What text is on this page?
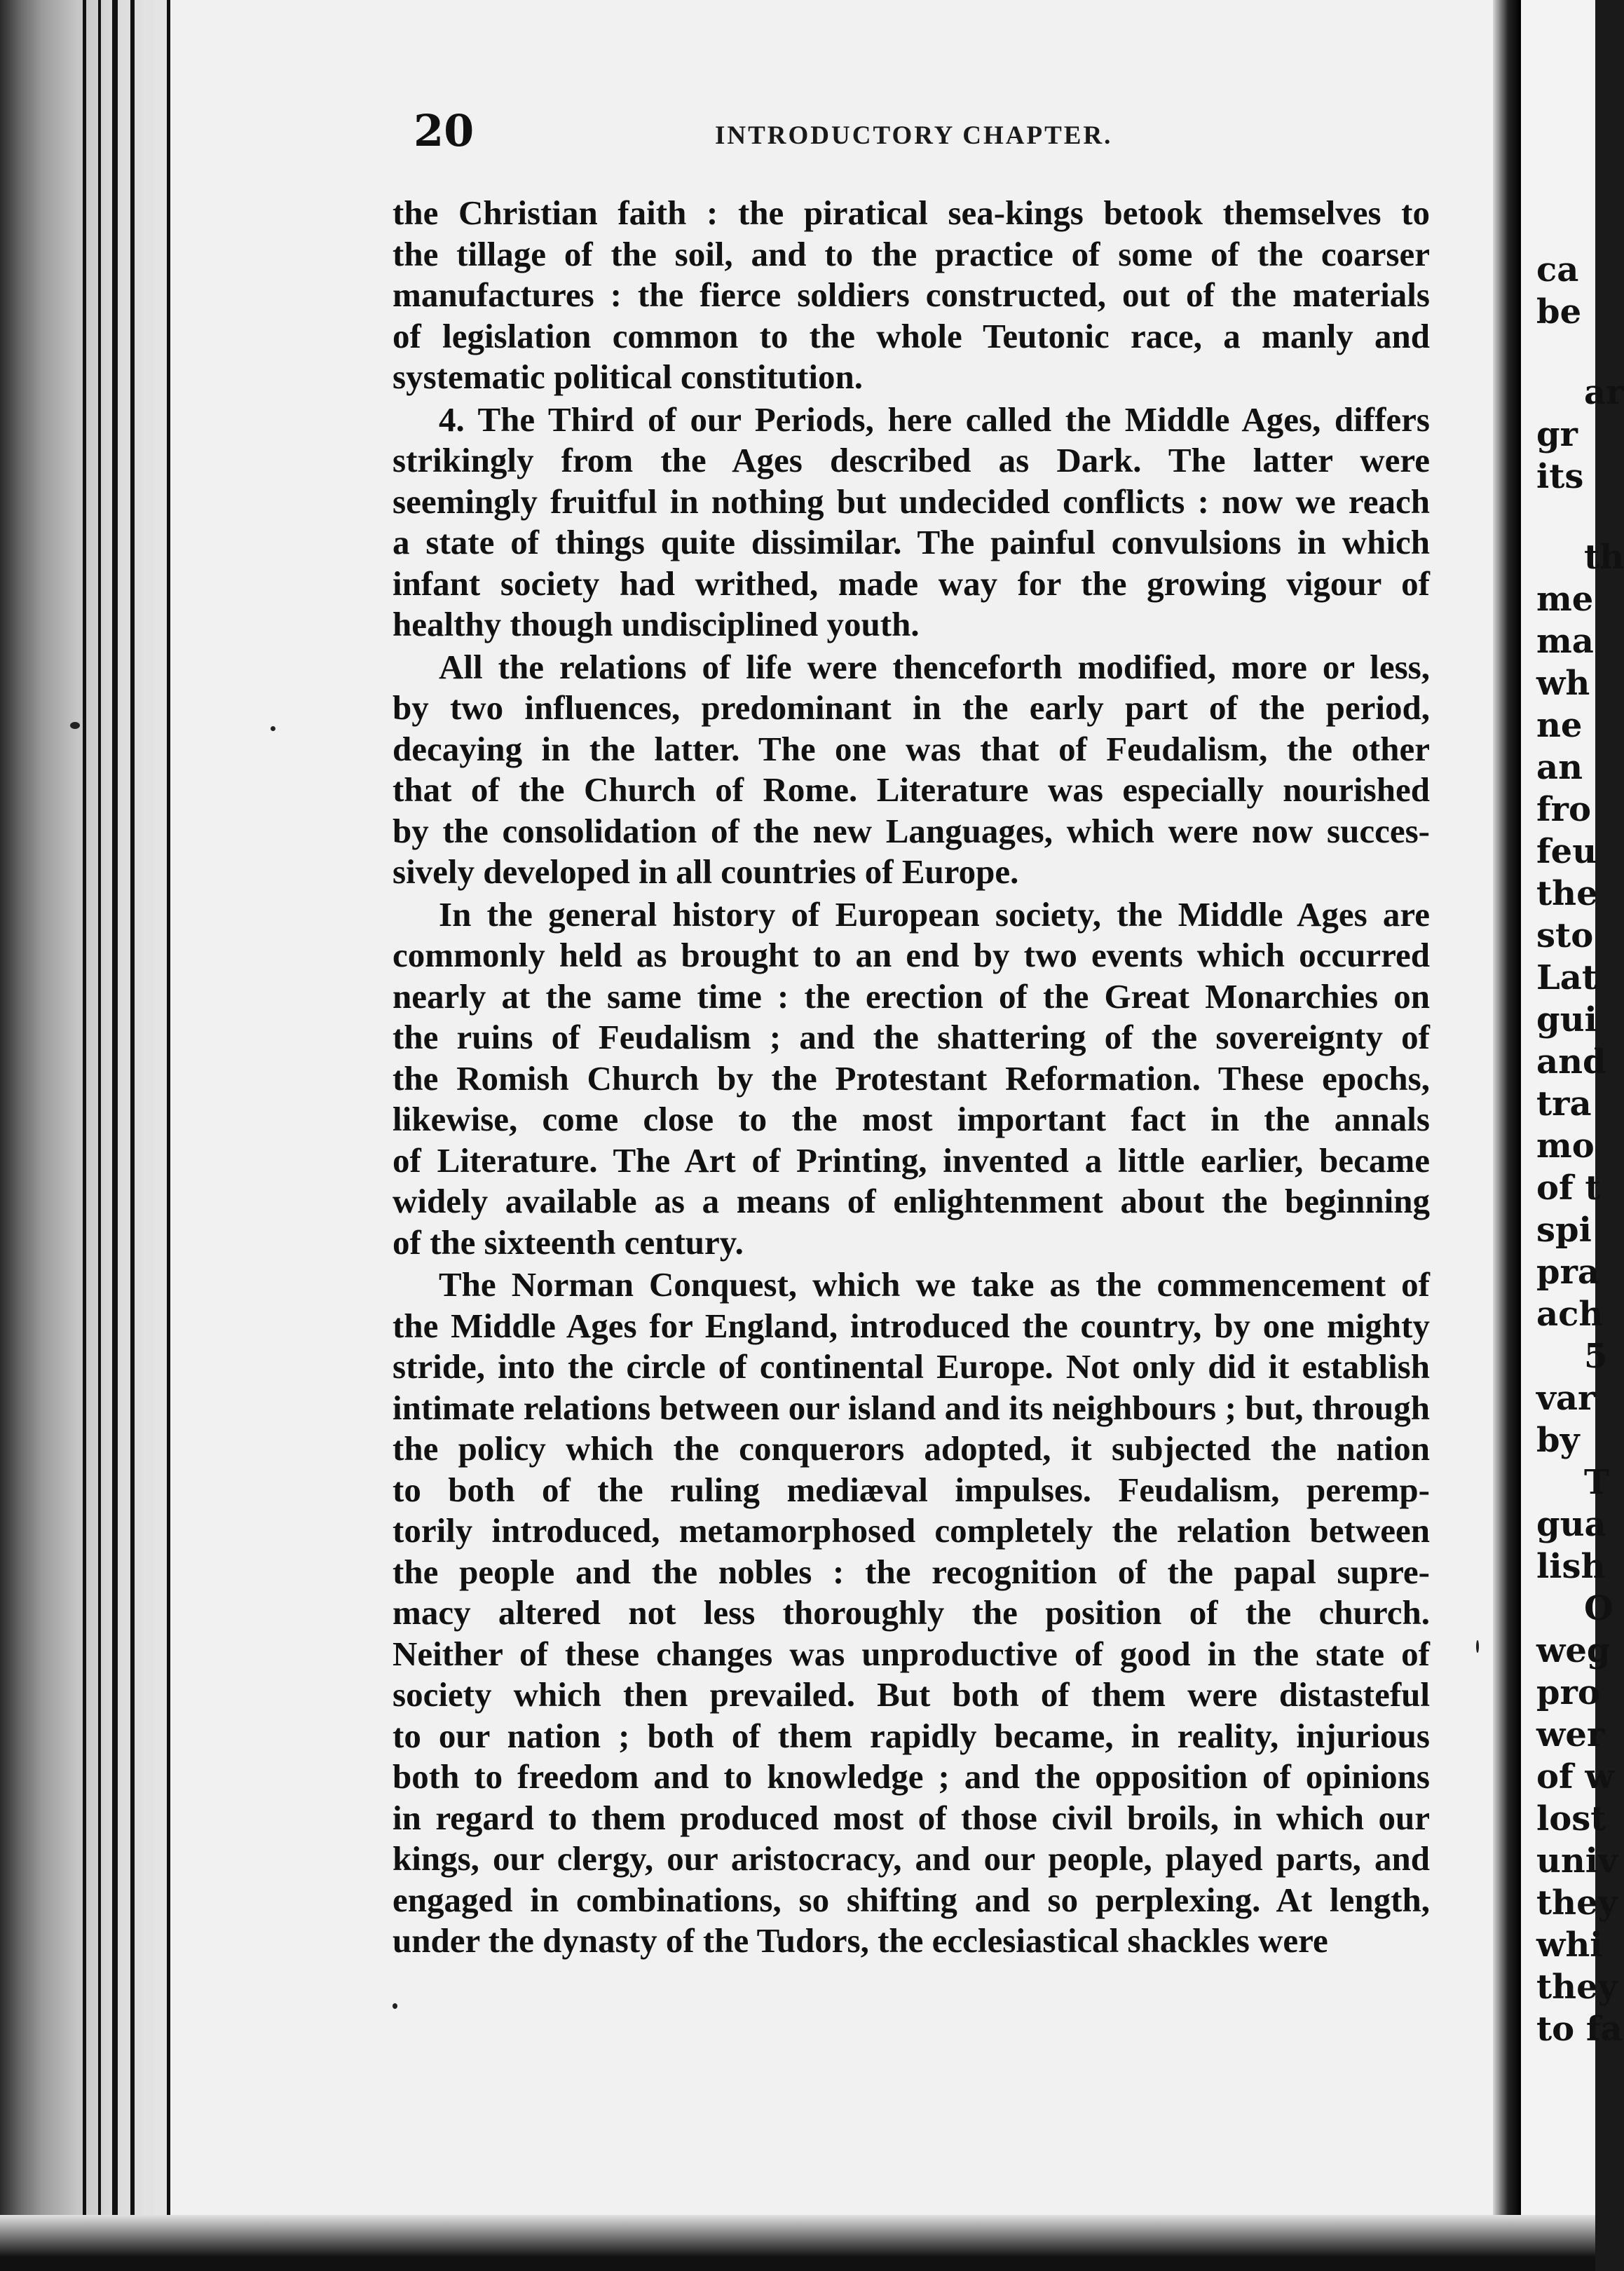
ca
be
ar
gr
its
th
me
ma
wh
ne
an
fro
feu
the
sto
Lat
gui
and
tra
mo
of t
spi
pra
ach
5
var
by
T
gua
lish
O
weg
pro
wer
of w
lost
univ
they
whi
they
to fa
20	INTRODUCTORY CHAPTER.
the Christian faith : the piratical sea-kings betook themselves to
the tillage of the soil, and to the practice of some of the coarser
manufactures : the fierce soldiers constructed, out of the materials
of legislation common to the whole Teutonic race, a manly and
systematic political constitution.
4. The Third of our Periods, here called the Middle Ages, differs
strikingly from the Ages described as Dark. The latter were
seemingly fruitful in nothing but undecided conflicts : now we reach
a state of things quite dissimilar. The painful convulsions in which
infant society had writhed, made way for the growing vigour of
healthy though undisciplined youth.
All the relations of life were thenceforth modified, more or less,
by two influences, predominant in the early part of the period,
decaying in the latter. The one was that of Feudalism, the other
that of the Church of Rome. Literature was especially nourished
by the consolidation of the new Languages, which were now succes-
sively developed in all countries of Europe.
In the general history of European society, the Middle Ages are
commonly held as brought to an end by two events which occurred
nearly at the same time : the erection of the Great Monarchies on
the ruins of Feudalism ; and the shattering of the sovereignty of
the Romish Church by the Protestant Reformation. These epochs,
likewise, come close to the most important fact in the annals
of Literature. The Art of Printing, invented a little earlier, became
widely available as a means of enlightenment about the beginning
of the sixteenth century.
The Norman Conquest, which we take as the commencement of
the Middle Ages for England, introduced the country, by one mighty
stride, into the circle of continental Europe. Not only did it establish
intimate relations between our island and its neighbours ; but, through
the policy which the conquerors adopted, it subjected the nation
to both of the ruling mediæval impulses. Feudalism, peremp-
torily introduced, metamorphosed completely the relation between
the people and the nobles : the recognition of the papal supre-
macy altered not less thoroughly the position of the church.
Neither of these changes was unproductive of good in the state of
society which then prevailed. But both of them were distasteful
to our nation ; both of them rapidly became, in reality, injurious
both to freedom and to knowledge ; and the opposition of opinions
in regard to them produced most of those civil broils, in which our
kings, our clergy, our aristocracy, and our people, played parts, and
engaged in combinations, so shifting and so perplexing. At length,
under the dynasty of the Tudors, the ecclesiastical shackles were
